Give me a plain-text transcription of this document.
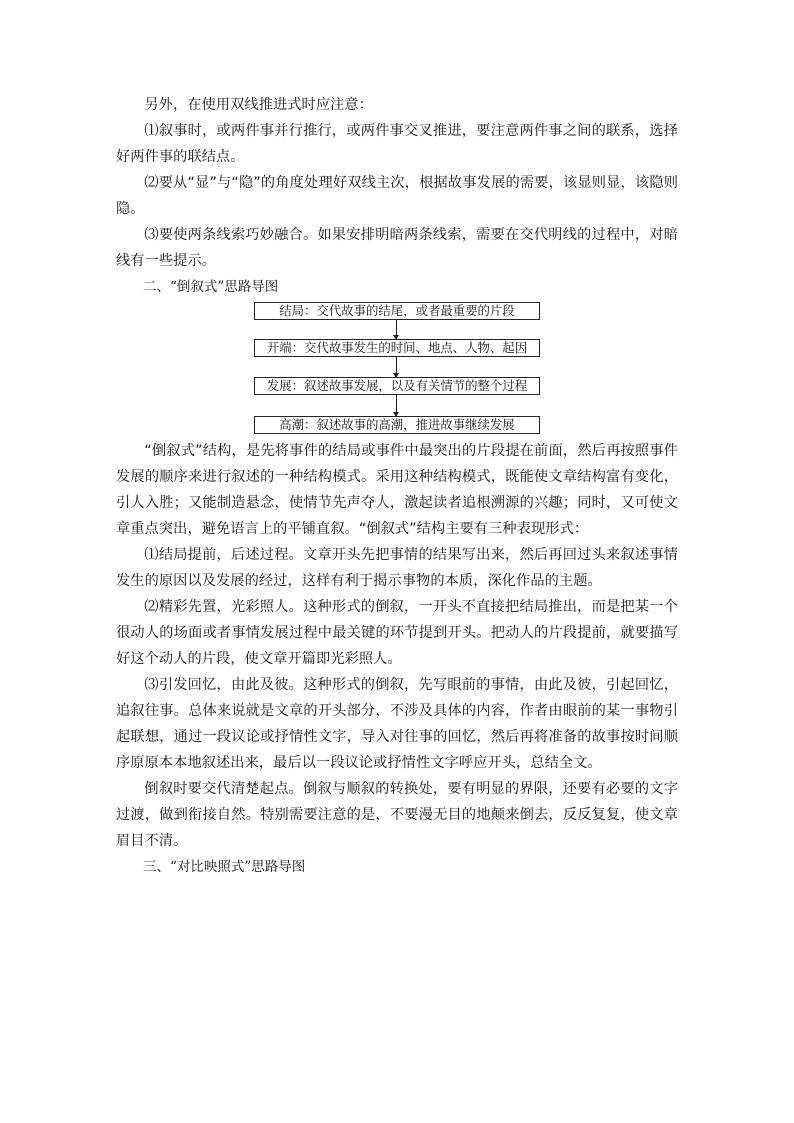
另外，在使用双线推进式时应注意：

⑴叙事时，或两件事并行推行，或两件事交叉推进，要注意两件事之间的联系，选择好两件事的联结点。

⑵要从“显”与“隐”的角度处理好双线主次，根据故事发展的需要，该显则显，该隐则隐。

⑶要使两条线索巧妙融合。如果安排明暗两条线索，需要在交代明线的过程中，对暗线有一些提示。

二、“倒叙式”思路导图

结局：交代故事的结尾，或者最重要的片段
开端：交代故事发生的时间、地点、人物、起因
发展：叙述故事发展，以及有关情节的整个过程
高潮：叙述故事的高潮，推进故事继续发展

“倒叙式”结构，是先将事件的结局或事件中最突出的片段提在前面，然后再按照事件发展的顺序来进行叙述的一种结构模式。采用这种结构模式，既能使文章结构富有变化，引人入胜；又能制造悬念，使情节先声夺人，激起读者追根溯源的兴趣；同时，又可使文章重点突出，避免语言上的平铺直叙。“倒叙式”结构主要有三种表现形式：

⑴结局提前，后述过程。文章开头先把事情的结果写出来，然后再回过头来叙述事情发生的原因以及发展的经过，这样有利于揭示事物的本质，深化作品的主题。

⑵精彩先置，光彩照人。这种形式的倒叙，一开头不直接把结局推出，而是把某一个很动人的场面或者事情发展过程中最关键的环节提到开头。把动人的片段提前，就要描写好这个动人的片段，使文章开篇即光彩照人。

⑶引发回忆，由此及彼。这种形式的倒叙，先写眼前的事情，由此及彼，引起回忆，追叙往事。总体来说就是文章的开头部分，不涉及具体的内容，作者由眼前的某一事物引起联想，通过一段议论或抒情性文字，导入对往事的回忆，然后再将准备的故事按时间顺序原原本本地叙述出来，最后以一段议论或抒情性文字呼应开头，总结全文。

倒叙时要交代清楚起点。倒叙与顺叙的转换处，要有明显的界限，还要有必要的文字过渡，做到衔接自然。特别需要注意的是，不要漫无目的地颠来倒去，反反复复，使文章眉目不清。

三、“对比映照式”思路导图
